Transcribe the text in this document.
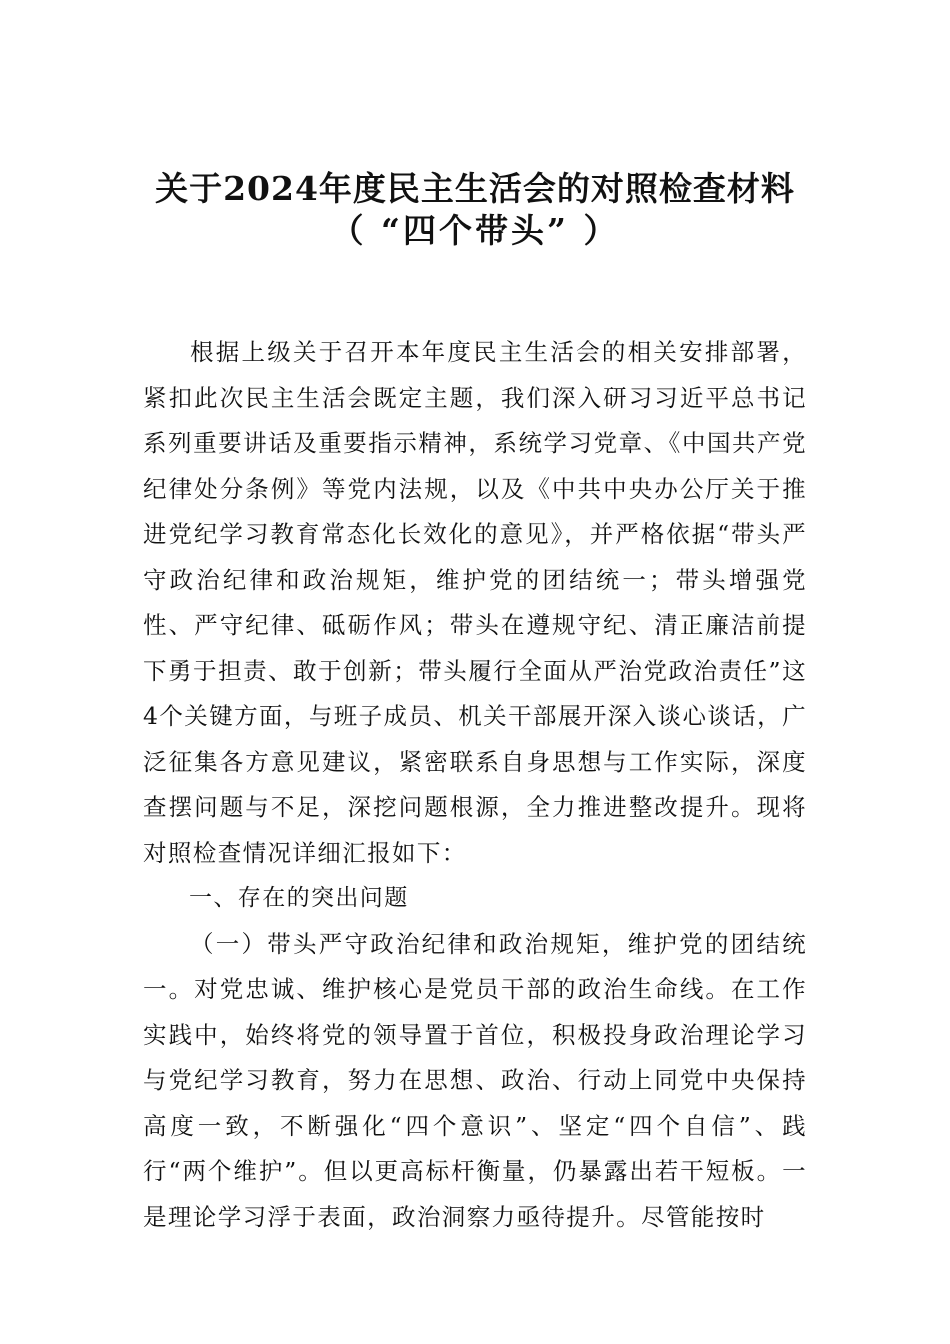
关于2024年度民主生活会的对照检查材料
（ “四个带头” ）

根据上级关于召开本年度民主生活会的相关安排部署，紧扣此次民主生活会既定主题，我们深入研习习近平总书记系列重要讲话及重要指示精神，系统学习党章、《中国共产党纪律处分条例》等党内法规，以及《中共中央办公厅关于推进党纪学习教育常态化长效化的意见》，并严格依据“带头严守政治纪律和政治规矩，维护党的团结统一；带头增强党性、严守纪律、砥砺作风；带头在遵规守纪、清正廉洁前提下勇于担责、敢于创新；带头履行全面从严治党政治责任”这4个关键方面，与班子成员、机关干部展开深入谈心谈话，广泛征集各方意见建议，紧密联系自身思想与工作实际，深度查摆问题与不足，深挖问题根源，全力推进整改提升。现将对照检查情况详细汇报如下：

一、存在的突出问题

（一）带头严守政治纪律和政治规矩，维护党的团结统一。对党忠诚、维护核心是党员干部的政治生命线。在工作实践中，始终将党的领导置于首位，积极投身政治理论学习与党纪学习教育，努力在思想、政治、行动上同党中央保持高度一致，不断强化“四个意识”、坚定“四个自信”、践行“两个维护”。但以更高标杆衡量，仍暴露出若干短板。一是理论学习浮于表面，政治洞察力亟待提升。尽管能按时
